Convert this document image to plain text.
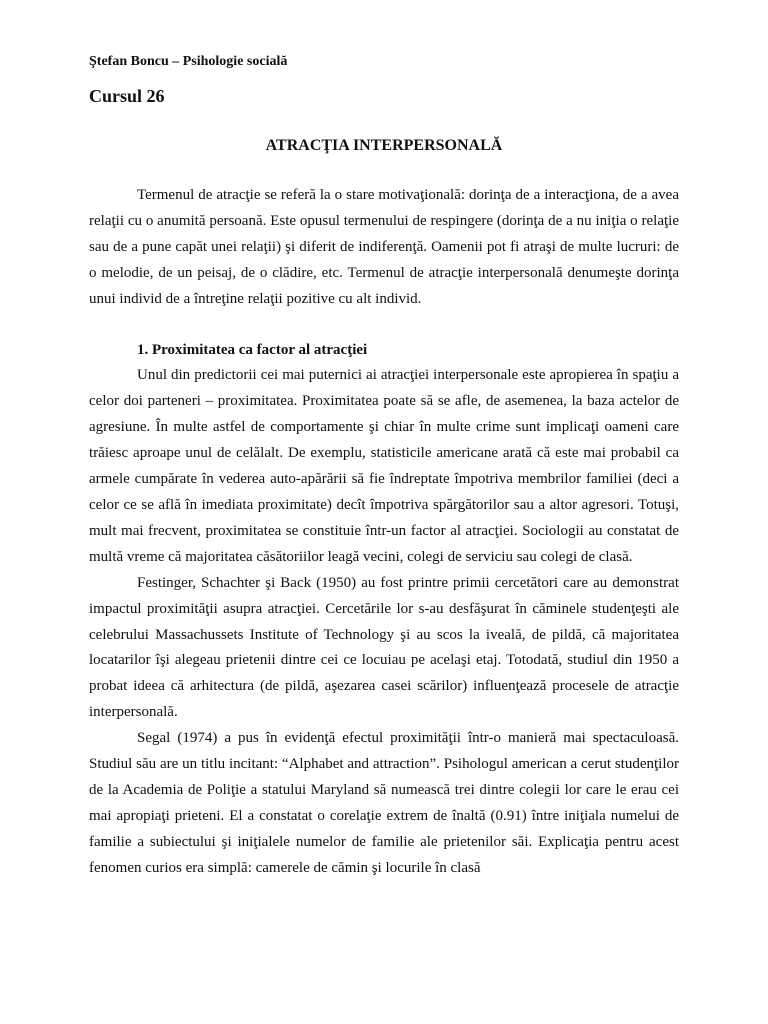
Ştefan Boncu – Psihologie socială
Cursul 26
ATRACŢIA INTERPERSONALĂ

Termenul de atracţie se referă la o stare motivaţională: dorinţa de a interacţiona, de a avea relaţii cu o anumită persoană. Este opusul termenului de respingere (dorinţa de a nu iniţia o relaţie sau de a pune capăt unei relaţii) şi diferit de indiferenţă. Oamenii pot fi atraşi de multe lucruri: de o melodie, de un peisaj, de o clădire, etc. Termenul de atracţie interpersonală denumeşte dorinţa unui individ de a întreţine relaţii pozitive cu alt individ.

1. Proximitatea ca factor al atracţiei

Unul din predictorii cei mai puternici ai atracţiei interpersonale este apropierea în spaţiu a celor doi parteneri – proximitatea. Proximitatea poate să se afle, de asemenea, la baza actelor de agresiune. În multe astfel de comportamente şi chiar în multe crime sunt implicaţi oameni care trăiesc aproape unul de celălalt. De exemplu, statisticile americane arată că este mai probabil ca armele cumpărate în vederea auto-apărării să fie îndreptate împotriva membrilor familiei (deci a celor ce se află în imediata proximitate) decît împotriva spărgătorilor sau a altor agresori. Totuşi, mult mai frecvent, proximitatea se constituie într-un factor al atracţiei. Sociologii au constatat de multă vreme că majoritatea căsătoriilor leagă vecini, colegi de serviciu sau colegi de clasă.

Festinger, Schachter şi Back (1950) au fost printre primii cercetători care au demonstrat impactul proximităţii asupra atracţiei. Cercetările lor s-au desfăşurat în căminele studenţeşti ale celebrului Massachussets Institute of Technology şi au scos la iveală, de pildă, că majoritatea locatarilor îşi alegeau prietenii dintre cei ce locuiau pe acelaşi etaj. Totodată, studiul din 1950 a probat ideea că arhitectura (de pildă, aşezarea casei scărilor) influenţează procesele de atracţie interpersonală.

Segal (1974) a pus în evidenţă efectul proximităţii într-o manieră mai spectaculoasă. Studiul său are un titlu incitant: “Alphabet and attraction”. Psihologul american a cerut studenţilor de la Academia de Poliţie a statului Maryland să numească trei dintre colegii lor care le erau cei mai apropiaţi prieteni. El a constatat o corelaţie extrem de înaltă (0.91) între iniţiala numelui de familie a subiectului şi iniţialele numelor de familie ale prietenilor săi. Explicaţia pentru acest fenomen curios era simplă: camerele de cămin şi locurile în clasă
